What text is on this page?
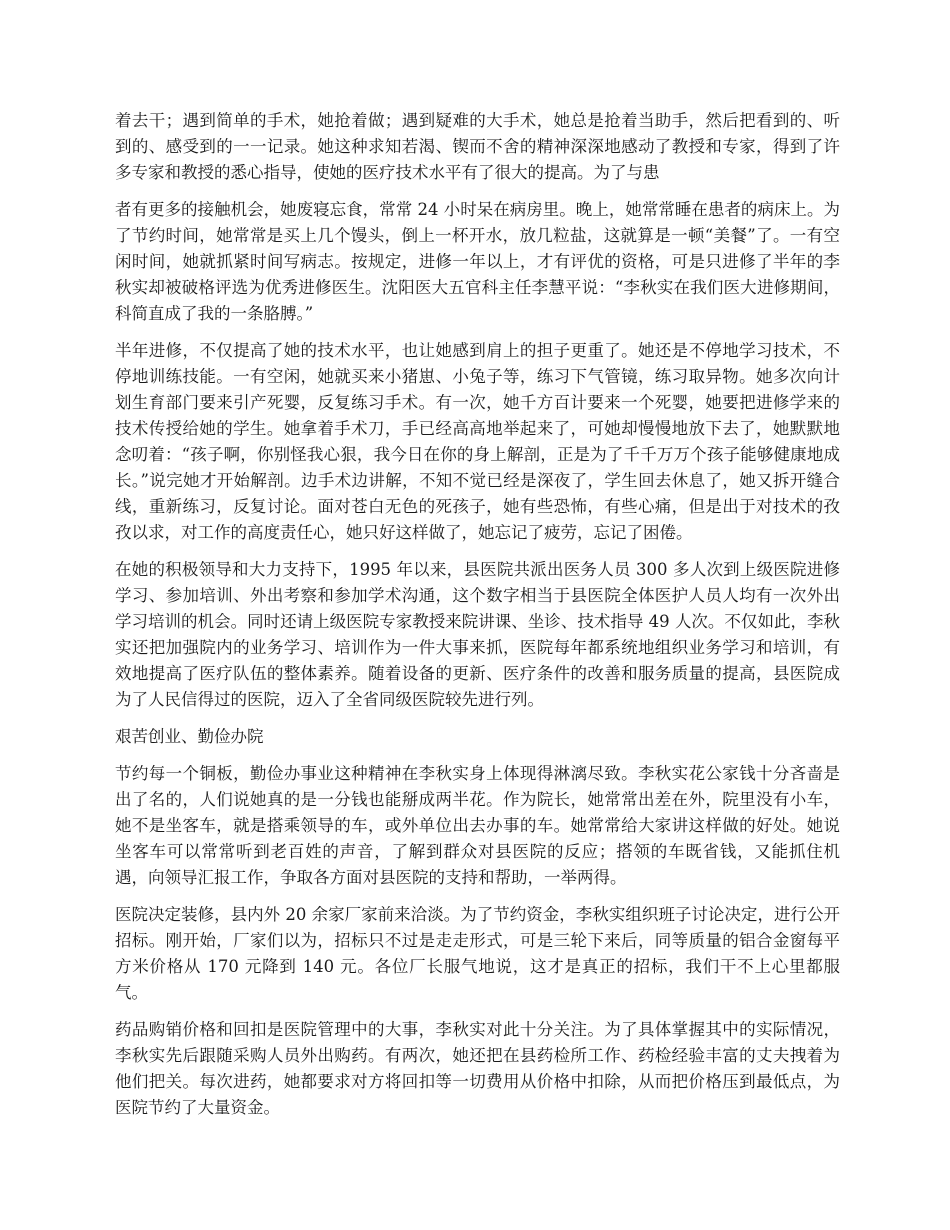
着去干；遇到简单的手术，她抢着做；遇到疑难的大手术，她总是抢着当助手，然后把看到的、听到的、感受到的一一记录。她这种求知若渴、锲而不舍的精神深深地感动了教授和专家，得到了许多专家和教授的悉心指导，使她的医疗技术水平有了很大的提高。为了与患

者有更多的接触机会，她废寝忘食，常常 24 小时呆在病房里。晚上，她常常睡在患者的病床上。为了节约时间，她常常是买上几个馒头，倒上一杯开水，放几粒盐，这就算是一顿“美餐”了。一有空闲时间，她就抓紧时间写病志。按规定，进修一年以上，才有评优的资格，可是只进修了半年的李秋实却被破格评选为优秀进修医生。沈阳医大五官科主任李慧平说：“李秋实在我们医大进修期间，科简直成了我的一条胳膊。”

半年进修，不仅提高了她的技术水平，也让她感到肩上的担子更重了。她还是不停地学习技术，不停地训练技能。一有空闲，她就买来小猪崽、小兔子等，练习下气管镜，练习取异物。她多次向计划生育部门要来引产死婴，反复练习手术。有一次，她千方百计要来一个死婴，她要把进修学来的技术传授给她的学生。她拿着手术刀，手已经高高地举起来了，可她却慢慢地放下去了，她默默地念叨着：“孩子啊，你别怪我心狠，我今日在你的身上解剖，正是为了千千万万个孩子能够健康地成长。”说完她才开始解剖。边手术边讲解，不知不觉已经是深夜了，学生回去休息了，她又拆开缝合线，重新练习，反复讨论。面对苍白无色的死孩子，她有些恐怖，有些心痛，但是出于对技术的孜孜以求，对工作的高度责任心，她只好这样做了，她忘记了疲劳，忘记了困倦。

在她的积极领导和大力支持下，1995 年以来，县医院共派出医务人员 300 多人次到上级医院进修学习、参加培训、外出考察和参加学术沟通，这个数字相当于县医院全体医护人员人均有一次外出学习培训的机会。同时还请上级医院专家教授来院讲课、坐诊、技术指导 49 人次。不仅如此，李秋实还把加强院内的业务学习、培训作为一件大事来抓，医院每年都系统地组织业务学习和培训，有效地提高了医疗队伍的整体素养。随着设备的更新、医疗条件的改善和服务质量的提高，县医院成为了人民信得过的医院，迈入了全省同级医院较先进行列。

艰苦创业、勤俭办院

节约每一个铜板，勤俭办事业这种精神在李秋实身上体现得淋漓尽致。李秋实花公家钱十分吝啬是出了名的，人们说她真的是一分钱也能掰成两半花。作为院长，她常常出差在外，院里没有小车，她不是坐客车，就是搭乘领导的车，或外单位出去办事的车。她常常给大家讲这样做的好处。她说坐客车可以常常听到老百姓的声音，了解到群众对县医院的反应；搭领的车既省钱，又能抓住机遇，向领导汇报工作，争取各方面对县医院的支持和帮助，一举两得。

医院决定装修，县内外 20 余家厂家前来洽淡。为了节约资金，李秋实组织班子讨论决定，进行公开招标。刚开始，厂家们以为，招标只不过是走走形式，可是三轮下来后，同等质量的铝合金窗每平方米价格从 170 元降到 140 元。各位厂长服气地说，这才是真正的招标，我们干不上心里都服气。

药品购销价格和回扣是医院管理中的大事，李秋实对此十分关注。为了具体掌握其中的实际情况，李秋实先后跟随采购人员外出购药。有两次，她还把在县药检所工作、药检经验丰富的丈夫拽着为他们把关。每次进药，她都要求对方将回扣等一切费用从价格中扣除，从而把价格压到最低点，为医院节约了大量资金。
